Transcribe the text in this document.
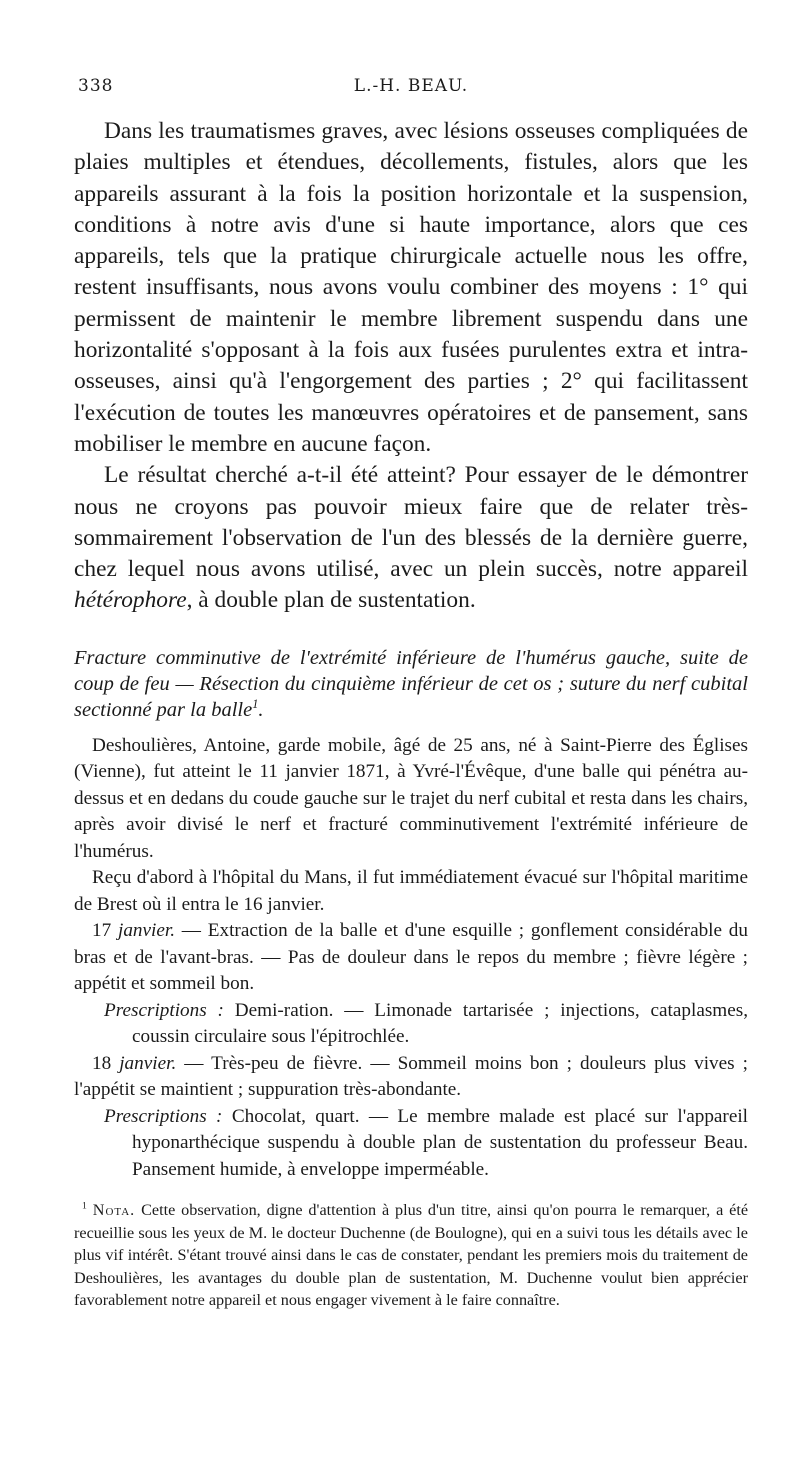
338	L.-H. BEAU.

Dans les traumatismes graves, avec lésions osseuses compliquées de plaies multiples et étendues, décollements, fistules, alors que les appareils assurant à la fois la position horizontale et la suspension, conditions à notre avis d'une si haute importance, alors que ces appareils, tels que la pratique chirurgicale actuelle nous les offre, restent insuffisants, nous avons voulu combiner des moyens : 1° qui permissent de maintenir le membre librement suspendu dans une horizontalité s'opposant à la fois aux fusées purulentes extra et intra-osseuses, ainsi qu'à l'engorgement des parties ; 2° qui facilitassent l'exécution de toutes les manœuvres opératoires et de pansement, sans mobiliser le membre en aucune façon.

Le résultat cherché a-t-il été atteint? Pour essayer de le démontrer nous ne croyons pas pouvoir mieux faire que de relater très-sommairement l'observation de l'un des blessés de la dernière guerre, chez lequel nous avons utilisé, avec un plein succès, notre appareil hétérophore, à double plan de sustentation.

Fracture comminutive de l'extrémité inférieure de l'humérus gauche, suite de coup de feu — Résection du cinquième inférieur de cet os ; suture du nerf cubital sectionné par la balle$^1$.

Deshoulières, Antoine, garde mobile, âgé de 25 ans, né à Saint-Pierre des Églises (Vienne), fut atteint le 11 janvier 1871, à Yvré-l'Évêque, d'une balle qui pénétra au-dessus et en dedans du coude gauche sur le trajet du nerf cubital et resta dans les chairs, après avoir divisé le nerf et fracturé comminutivement l'extrémité inférieure de l'humérus.

Reçu d'abord à l'hôpital du Mans, il fut immédiatement évacué sur l'hôpital maritime de Brest où il entra le 16 janvier.

17 janvier. — Extraction de la balle et d'une esquille ; gonflement considérable du bras et de l'avant-bras. — Pas de douleur dans le repos du membre ; fièvre légère ; appétit et sommeil bon.

Prescriptions : Demi-ration. — Limonade tartarisée ; injections, cataplasmes, coussin circulaire sous l'épitrochlée.

18 janvier. — Très-peu de fièvre. — Sommeil moins bon ; douleurs plus vives ; l'appétit se maintient ; suppuration très-abondante.

Prescriptions : Chocolat, quart. — Le membre malade est placé sur l'appareil hyponarthécique suspendu à double plan de sustentation du professeur Beau. Pansement humide, à enveloppe imperméable.

$^1$ Nota. Cette observation, digne d'attention à plus d'un titre, ainsi qu'on pourra le remarquer, a été recueillie sous les yeux de M. le docteur Duchenne (de Boulogne), qui en a suivi tous les détails avec le plus vif intérêt. S'étant trouvé ainsi dans le cas de constater, pendant les premiers mois du traitement de Deshoulières, les avantages du double plan de sustentation, M. Duchenne voulut bien apprécier favorablement notre appareil et nous engager vivement à le faire connaître.
